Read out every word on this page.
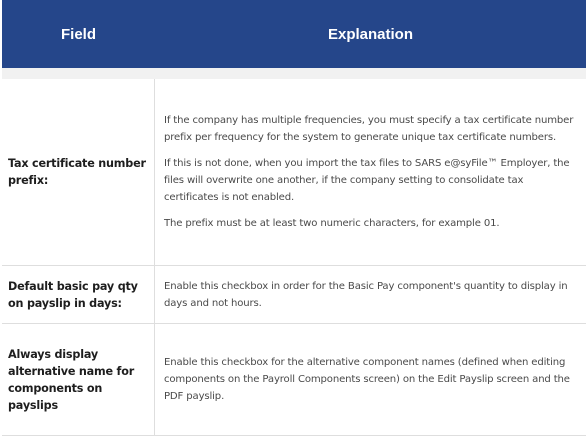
Field	Explanation
Tax certificate number prefix:

If the company has multiple frequencies, you must specify a tax certificate number prefix per frequency for the system to generate unique tax certificate numbers.

If this is not done, when you import the tax files to SARS e@syFile™ Employer, the files will overwrite one another, if the company setting to consolidate tax certificates is not enabled.

The prefix must be at least two numeric characters, for example 01.

Default basic pay qty on payslip in days:

Enable this checkbox in order for the Basic Pay component's quantity to display in days and not hours.

Always display alternative name for components on payslips

Enable this checkbox for the alternative component names (defined when editing components on the Payroll Components screen) on the Edit Payslip screen and the PDF payslip.
